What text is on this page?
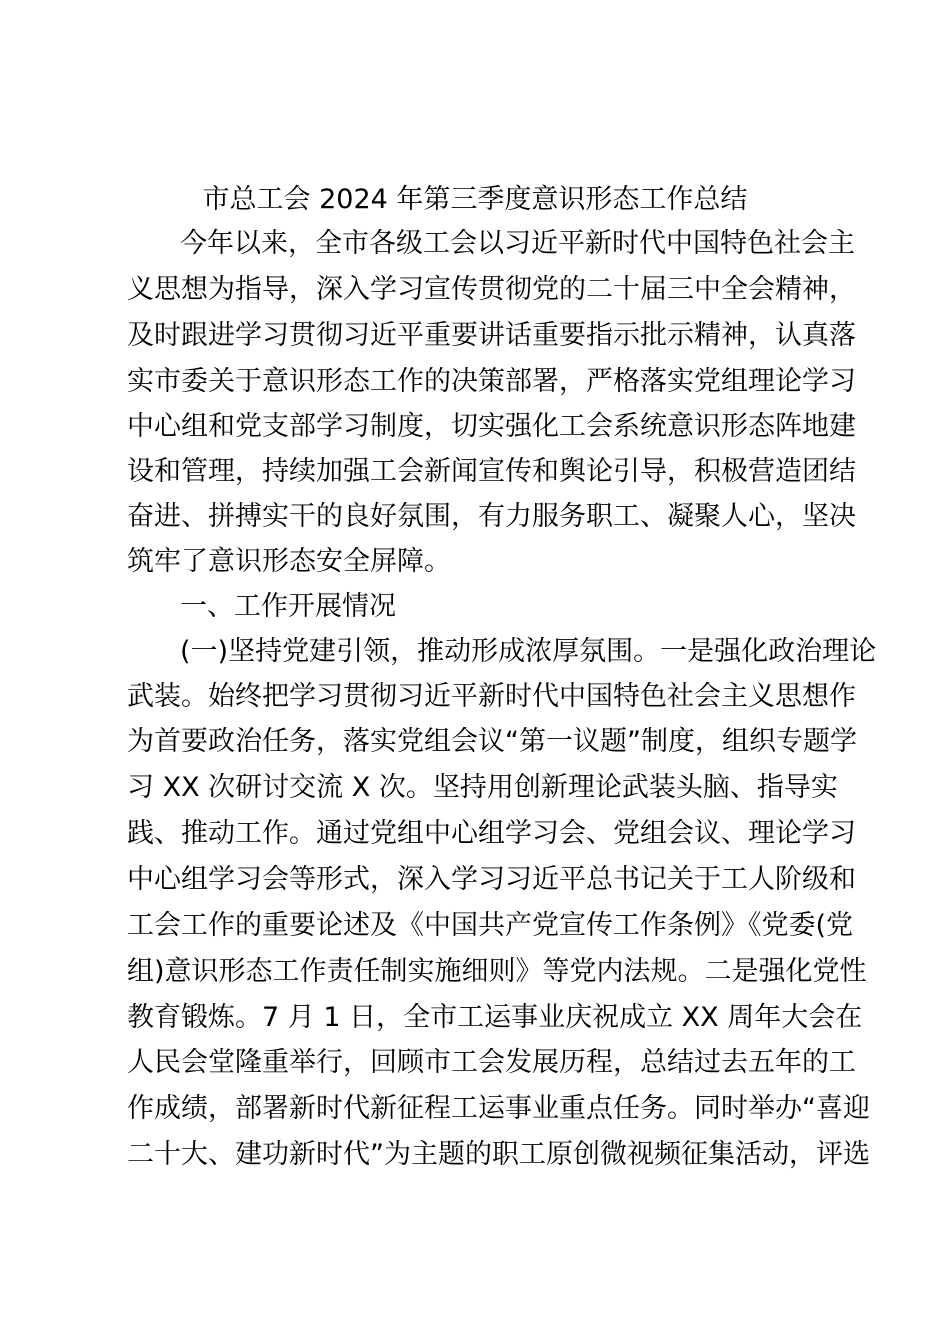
市总工会 2024 年第三季度意识形态工作总结
今年以来，全市各级工会以习近平新时代中国特色社会主
义思想为指导，深入学习宣传贯彻党的二十届三中全会精神，
及时跟进学习贯彻习近平重要讲话重要指示批示精神，认真落
实市委关于意识形态工作的决策部署，严格落实党组理论学习
中心组和党支部学习制度，切实强化工会系统意识形态阵地建
设和管理，持续加强工会新闻宣传和舆论引导，积极营造团结
奋进、拼搏实干的良好氛围，有力服务职工、凝聚人心，坚决
筑牢了意识形态安全屏障。
一、工作开展情况
(一)坚持党建引领，推动形成浓厚氛围。一是强化政治理论
武装。始终把学习贯彻习近平新时代中国特色社会主义思想作
为首要政治任务，落实党组会议“第一议题”制度，组织专题学
习 XX 次研讨交流 X 次。坚持用创新理论武装头脑、指导实
践、推动工作。通过党组中心组学习会、党组会议、理论学习
中心组学习会等形式，深入学习习近平总书记关于工人阶级和
工会工作的重要论述及《中国共产党宣传工作条例》《党委(党
组)意识形态工作责任制实施细则》等党内法规。二是强化党性
教育锻炼。7 月 1 日，全市工运事业庆祝成立 XX 周年大会在
人民会堂隆重举行，回顾市工会发展历程，总结过去五年的工
作成绩，部署新时代新征程工运事业重点任务。同时举办“喜迎
二十大、建功新时代”为主题的职工原创微视频征集活动，评选
